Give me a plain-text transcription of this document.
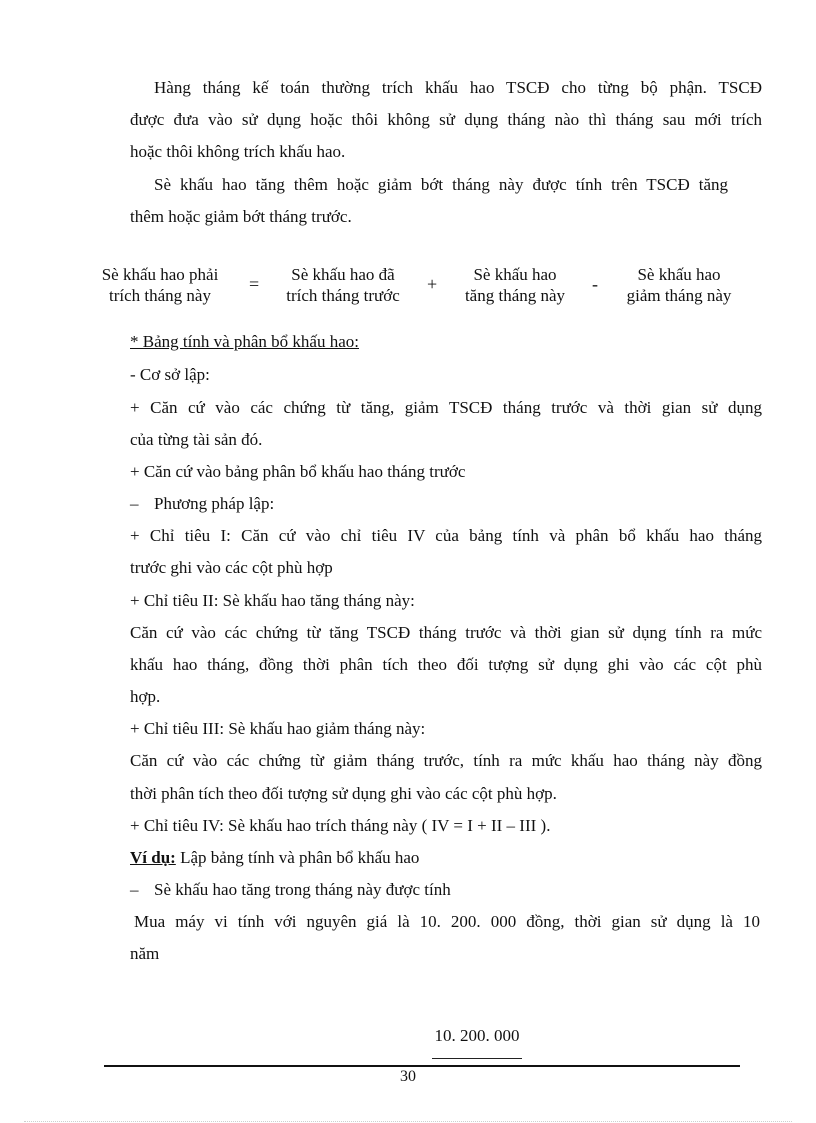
Hàng tháng kế toán thường trích khấu hao TSCĐ cho từng bộ phận. TSCĐ
được đưa vào sử dụng hoặc thôi không sử dụng tháng nào thì tháng sau mới trích
hoặc thôi không trích khấu hao.
Sè khấu hao tăng thêm hoặc giảm bớt tháng này được tính trên TSCĐ tăng
thêm hoặc giảm bớt tháng trước.
Sè khấu hao phải
trích tháng này
=	Sè khấu hao đã
trích tháng trước
+	Sè khấu hao
tăng tháng này
-	Sè khấu hao
giảm tháng này
* Bảng tính và phân bổ khấu hao:
- Cơ sở lập:
+ Căn cứ vào các chứng từ tăng, giảm TSCĐ tháng trước và thời gian sử dụng
của từng tài sản đó.
+ Căn cứ vào bảng phân bổ khấu hao tháng trước
– Phương pháp lập:
+ Chỉ tiêu I: Căn cứ vào chỉ tiêu IV của bảng tính và phân bổ khấu hao tháng
trước ghi vào các cột phù hợp
+ Chỉ tiêu II: Sè khấu hao tăng tháng này:
Căn cứ vào các chứng từ tăng TSCĐ tháng trước và thời gian sử dụng tính ra mức
khấu hao tháng, đồng thời phân tích theo đối tượng sử dụng ghi vào các cột phù
hợp.
+ Chỉ tiêu III: Sè khấu hao giảm tháng này:
Căn cứ vào các chứng từ giảm tháng trước, tính ra mức khấu hao tháng này đồng
thời phân tích theo đối tượng sử dụng ghi vào các cột phù hợp.
+ Chỉ tiêu IV: Sè khấu hao trích tháng này ( IV = I + II – III ).
Ví dụ: Lập bảng tính và phân bổ khấu hao
– Sè khấu hao tăng trong tháng này được tính
Mua máy vi tính với nguyên giá là 10. 200. 000 đồng, thời gian sử dụng là 10
năm
10. 200. 000
30
